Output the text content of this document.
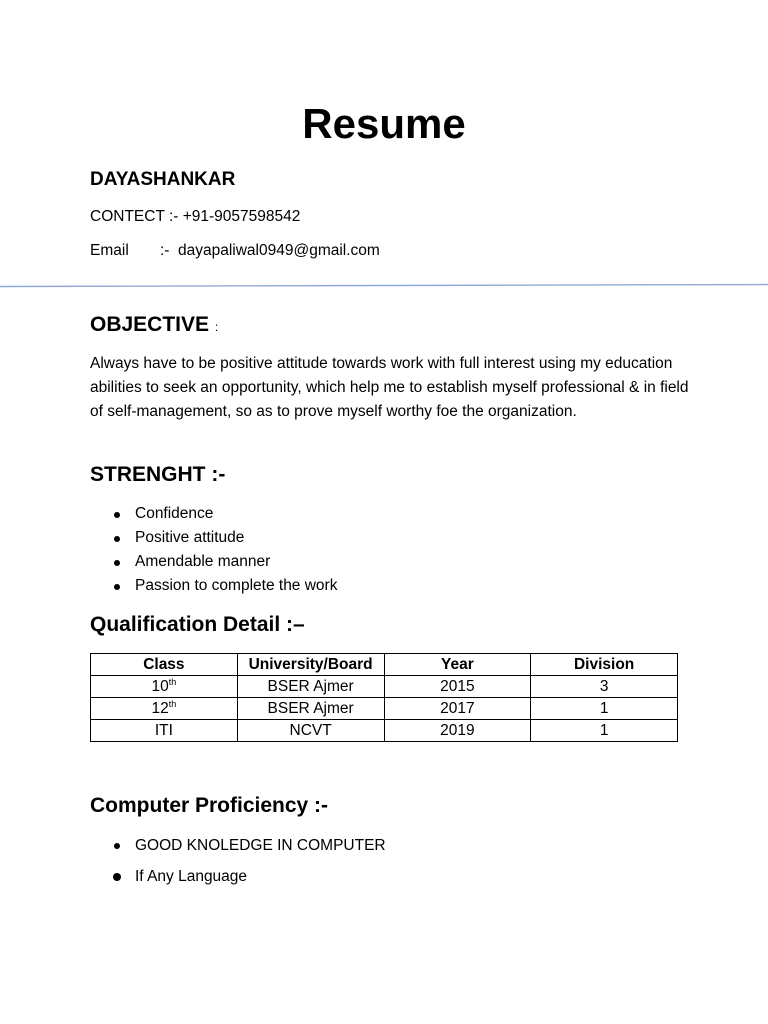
Resume
DAYASHANKAR
CONTECT :- +91-9057598542
Email :- dayapaliwal0949@gmail.com
OBJECTIVE :
Always have to be positive attitude towards work with full interest using my education abilities to seek an opportunity, which help me to establish myself professional & in field of self-management, so as to prove myself worthy foe the organization.
STRENGHT :-
Confidence
Positive attitude
Amendable manner
Passion to complete the work
Qualification Detail :–
Class	University/Board	Year	Division
10th	BSER Ajmer	2015	3
12th	BSER Ajmer	2017	1
ITI	NCVT	2019	1
Computer Proficiency :-
GOOD KNOLEDGE IN COMPUTER
If Any Language
